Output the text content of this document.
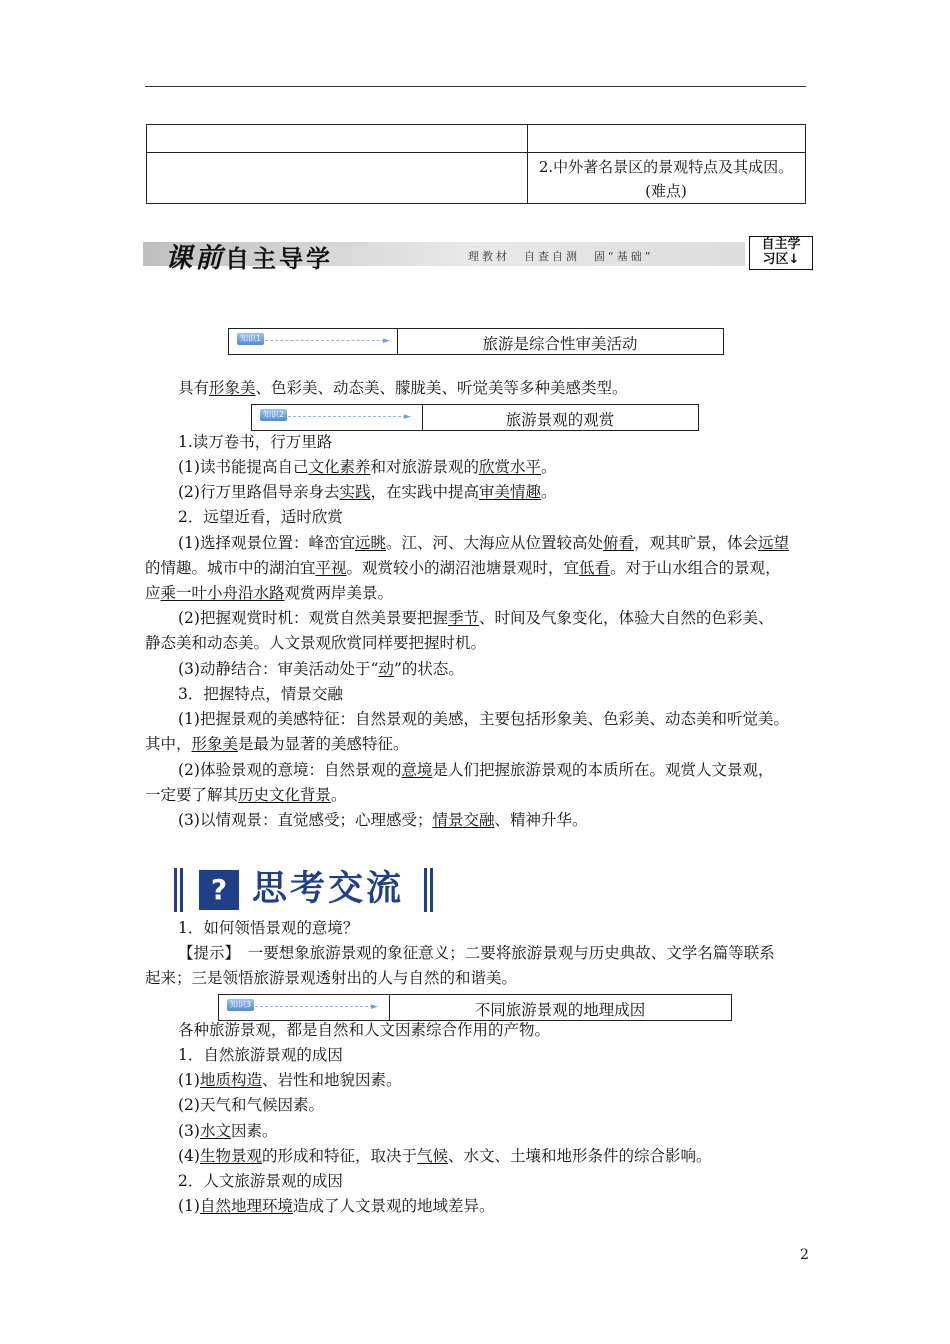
2.中外著名景区的景观特点及其成因。(难点)
课前自主导学	理教材　自查自测　固“基础”
自主学
习区↓
知识1	►	旅游是综合性审美活动
具有形象美、色彩美、动态美、朦胧美、听觉美等多种美感类型。
知识2	►	旅游景观的观赏
1.读万卷书，行万里路
(1)读书能提高自己文化素养和对旅游景观的欣赏水平。
(2)行万里路倡导亲身去实践，在实践中提高审美情趣。
2．远望近看，适时欣赏
(1)选择观景位置：峰峦宜远眺。江、河、大海应从位置较高处俯看，观其旷景，体会远望
的情趣。城市中的湖泊宜平视。观赏较小的湖沼池塘景观时，宜低看。对于山水组合的景观，
应乘一叶小舟沿水路观赏两岸美景。
(2)把握观赏时机：观赏自然美景要把握季节、时间及气象变化，体验大自然的色彩美、
静态美和动态美。人文景观欣赏同样要把握时机。
(3)动静结合：审美活动处于“动”的状态。
3．把握特点，情景交融
(1)把握景观的美感特征：自然景观的美感，主要包括形象美、色彩美、动态美和听觉美。
其中，形象美是最为显著的美感特征。
(2)体验景观的意境：自然景观的意境是人们把握旅游景观的本质所在。观赏人文景观，
一定要了解其历史文化背景。
(3)以情观景：直觉感受；心理感受；情景交融、精神升华。
? 思考交流
1．如何领悟景观的意境？
【提示】　一要想象旅游景观的象征意义；二要将旅游景观与历史典故、文学名篇等联系
起来；三是领悟旅游景观透射出的人与自然的和谐美。
知识3	►	不同旅游景观的地理成因
各种旅游景观，都是自然和人文因素综合作用的产物。
1．自然旅游景观的成因
(1)地质构造、岩性和地貌因素。
(2)天气和气候因素。
(3)水文因素。
(4)生物景观的形成和特征，取决于气候、水文、土壤和地形条件的综合影响。
2．人文旅游景观的成因
(1)自然地理环境造成了人文景观的地域差异。
2
